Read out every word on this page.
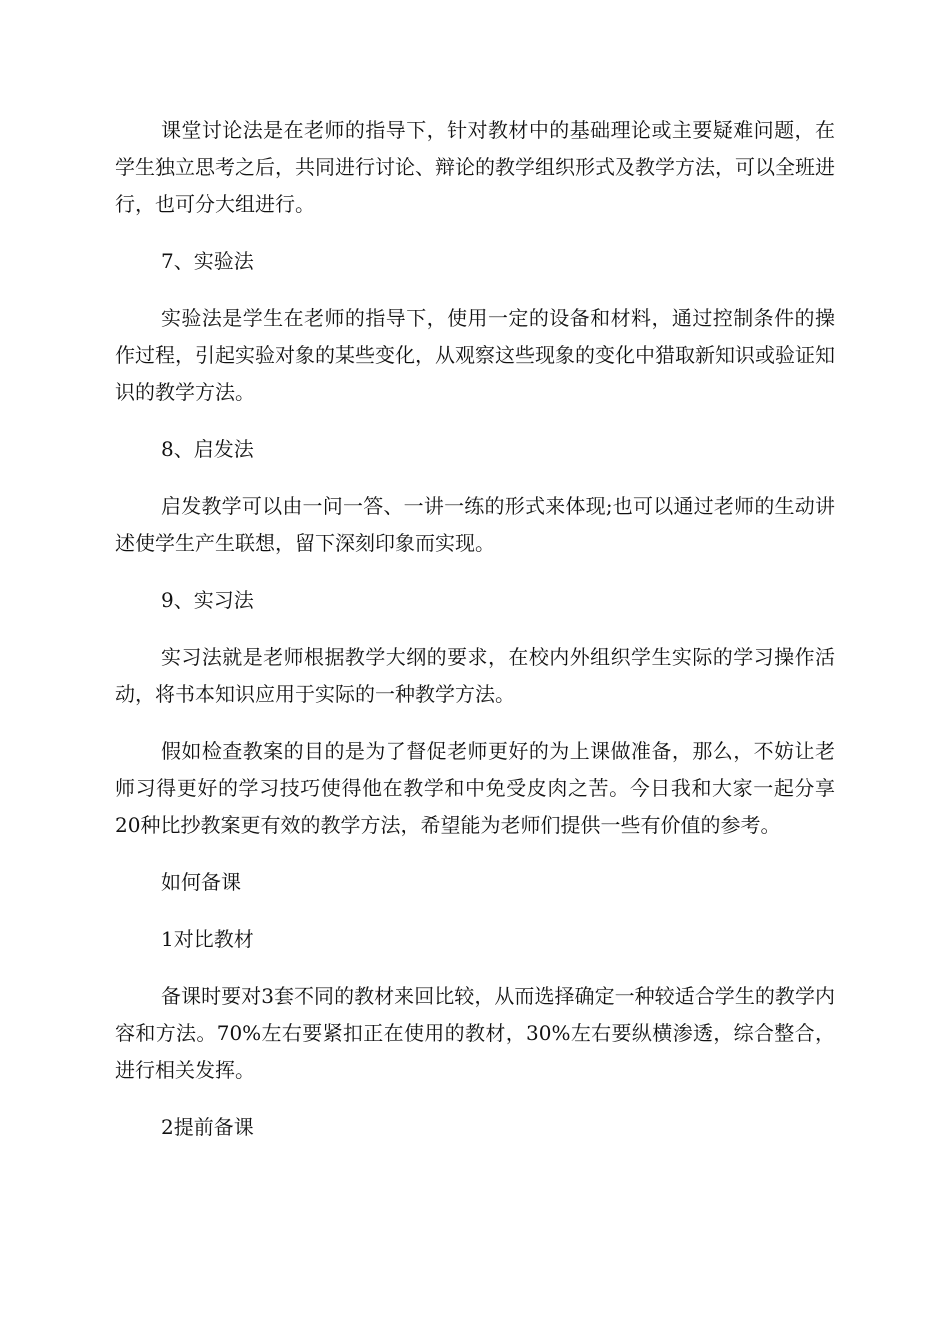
课堂讨论法是在老师的指导下，针对教材中的基础理论或主要疑难问题，在学生独立思考之后，共同进行讨论、辩论的教学组织形式及教学方法，可以全班进行，也可分大组进行。

7、实验法

实验法是学生在老师的指导下，使用一定的设备和材料，通过控制条件的操作过程，引起实验对象的某些变化，从观察这些现象的变化中猎取新知识或验证知识的教学方法。

8、启发法

启发教学可以由一问一答、一讲一练的形式来体现;也可以通过老师的生动讲述使学生产生联想，留下深刻印象而实现。

9、实习法

实习法就是老师根据教学大纲的要求，在校内外组织学生实际的学习操作活动，将书本知识应用于实际的一种教学方法。

假如检查教案的目的是为了督促老师更好的为上课做准备，那么，不妨让老师习得更好的学习技巧使得他在教学和中免受皮肉之苦。今日我和大家一起分享20种比抄教案更有效的教学方法，希望能为老师们提供一些有价值的参考。

如何备课

1对比教材

备课时要对3套不同的教材来回比较，从而选择确定一种较适合学生的教学内容和方法。70%左右要紧扣正在使用的教材，30%左右要纵横渗透，综合整合，进行相关发挥。

2提前备课
